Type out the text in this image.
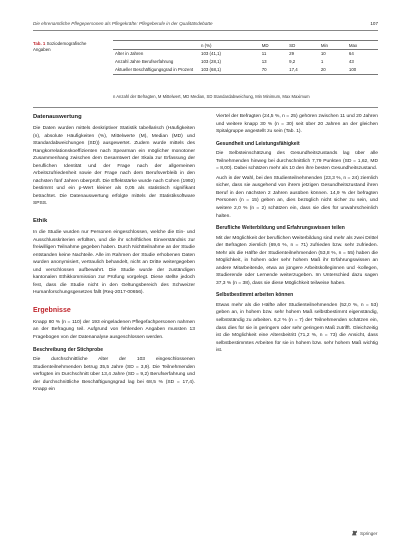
Die ehrenamtliche Pflegepersonen als Pflegekräfte: Pflegeberufe in der Qualitätsdebatte	107
Tab. 1 Soziodemografische Angaben
	n (%)	MD	SD	Min	Max
Alter in Jahren	103 (41,1)	11	29	10	64
Anzahl Jahre Berufserfahrung	103 (28,1)	13	9,2	1	43
Aktueller Beschäftigungsgrad in Prozent	103 (68,1)	70	17,4	20	100
n Anzahl der Befragten, M Mittelwert, MD Median, SD Standardabweichung, Min Minimum, Max Maximum
Datenauswertung

Die Daten wurden mittels deskriptiver Statistik tabellarisch (Häufigkeiten (n), absolute Häufigkeiten (%), Mittelwerte (M), Median (MD) und Standardabweichungen (SD)) ausgewertet. Zudem wurde mittels des Rangkorrelationskoeffizienten nach Spearman ein möglicher monotoner Zusammenhang zwischen dem Gesamtwert der Skala zur Erfassung der beruflichen Identität und der Frage nach der allgemeinen Arbeitszufriedenheit sowie der Frage nach dem Berufsverbleib in den nächsten fünf Jahren überprüft. Die Effektstärke wurde nach Cohen (1992) bestimmt und ein p-Wert kleiner als 0,05 als statistisch signifikant betrachtet. Die Datenauswertung erfolgte mittels der Statistiksoftware SPSS.

Ethik

In die Studie wurden nur Personen eingeschlossen, welche die Ein- und Ausschlusskriterien erfüllten, und die ihr schriftliches Einverständnis zur freiwilligen Teilnahme gegeben haben. Durch Nichtteilnahme an der Studie entstanden keine Nachteile. Alle im Rahmen der Studie erhobenen Daten wurden anonymisiert, vertraulich behandelt, nicht an Dritte weitergegeben und verschlossen aufbewahrt. Die Studie wurde der zuständigen kantonalen Ethikkommission zur Prüfung vorgelegt. Diese stellte jedoch fest, dass die Studie nicht in den Geltungsbereich des Schweizer Humanforschungsgesetzes fällt (Req-2017-00656).

Ergebnisse

Knapp 80 % (n = 110) der 193 eingeladenen Pflegefachpersonen nahmen an der Befragung teil. Aufgrund von fehlenden Angaben mussten 13 Fragebogen von der Datenanalyse ausgeschlossen werden.

Beschreibung der Stichprobe

Die durchschnittliche Alter der 103 eingeschlossenen Studienteilnehmenden betrug 35,5 Jahre (SD = 3,9). Die Teilnehmenden verfügten im Durchschnitt über 13,4 Jahre (SD = 9,2) Berufserfahrung und der durchschnittliche Beschäftigungsgrad lag bei 68,5 % (SD = 17,4). Knapp ein

Viertel der Befragten (24,5 %, n = 25) gehören zwischen 11 und 20 Jahren und weitere knapp 30 % (n = 30) seit über 20 Jahren an der gleichen Spitalgruppe angestellt zu sein (Tab. 1).

Gesundheit und Leistungsfähigkeit

Die Selbsteinschätzung des Gesundheitszustands lag über alle Teilnehmenden hinweg bei durchschnittlich 7,79 Punkten (SD = 1,62, MD = 8,00). Dabei schätzen mehr als 10 den ihre besten Gesundheitszustand.

Auch in der Wahl, bei den Studienteilnehmenden (23,3 %, n = 24) ziemlich sicher, dass sie ausgehend von ihrem jetzigen Gesundheitszustand ihren Beruf in den nächsten 2 Jahren ausüben können. 14,9 % der befragten Personen (n = 15) geben an, dies bezüglich nicht sicher zu sein, und weitere 2,0 % (n = 2) schätzen ein, dass sie dies für unwahrscheinlich halten.

Berufliche Weiterbildung und Erfahrungswissen teilen

Mit der Möglichkeit der beruflichen Weiterbildung sind mehr als zwei Drittel der Befragten ziemlich (69,6 %, n = 71) zufrieden bzw. sehr zufrieden. Mehr als die Hälfte der Studienteilnehmenden (53,8 %, n = 55) haben die Möglichkeit, in hohem oder sehr hohem Maß ihr Erfahrungswissen an andere Mitarbeitende, etwa an jüngere Arbeitskolleginnen und -kollegen, Studierende oder Lernende weiterzugeben. Im Unterschied dazu sagen 37,3 % (n = 38), dass sie diese Möglichkeit teilweise haben.

Selbstbestimmt arbeiten können

Etwas mehr als die Hälfte aller Studienteilnehmenden (52,0 %, n = 53) geben an, in hohem bzw. sehr hohem Maß selbstbestimmt eigenständig, selbstständig zu arbeiten. 6,2 % (n = 7) der Teilnehmenden schätzen ein, dass dies für sie in geringem oder sehr geringem Maß zutrifft. Gleichzeitig ist die Möglichkeit eine Altersbeitritt (71,2 %, n = 73) die Ansicht, dass selbstbestimmtes Arbeiten für sie in hohem bzw. sehr hohem Maß wichtig ist.

Springer
